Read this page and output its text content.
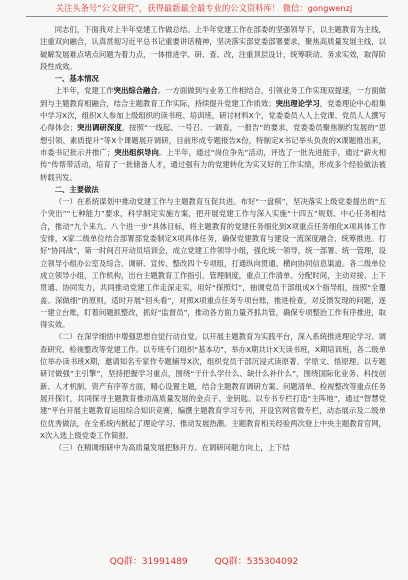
关注头条号“公文研究”，获得最新最全最专业的公文资料库！ 微信：gongwenzj

同志们，下面我对上半年党建工作做总结。上半年党建工作在部委的坚强领导下，以主题教育为主线，注重双向融合，认真贯彻习近平总书记重要讲话精神，坚决落实部党委部署要求，聚焦高质量发展主线，以破解发展难点堵点问题为着力点，一体推进学、研、查、改，注重顶层设计，统筹联动、务求实效，取得阶段性成效。

一、基本情况

上半年，党建工作突出综合融合。一方面做到与业务工作相结合，引领业务工作实现双提速，一方面做到与主题教育相融合，结合主题教育工作实际，持续提升党建工作质效；突出理论学习，党委理论中心组集中学习X次，组织X人参加上级组织的读书班、培训班，研讨材料X个，党委委员人人上党课、党员人人撰写心得体会；突出调研深度，按照“一线起、一号召、一调查，一报告”的要求，党委委员聚焦制约发展的“思想引领、素质提升”等X个课题展开调研，目前形成专题报告X份，特制定X书记举头负责的X课题推出来，市委书记批示并推广；突出组织导向。上半年，通过“岗位争先”活动，评选了一批先进能手，通过“薪火相传”传帮带活动，培育了一批储备人才，通过强有力的党建转化为实又好的工作实绩，形成多个经验做法被转载刊发。

二、主要做法

（一）在系统谋划中推动党建工作与主题教育互促共进。布好“一盘棋”，坚决落实上级党委提出的“五个突出”“七种能力”要求，科学制定实施方案，把开展党建工作与深入实施“十四五”规划、中心任务相结合，推动“九个来九、八个进一步”具体目标，将主题教育的党建任务细化到X项重点任务细化X项具体工作安排，X家二级单位结合部署部党委制定X项具体任务，确保党建教育与建设一流深度融合、统筹推进。打好“协同战”，第一时间召开动员培训会，成立党建工作领导小组，强化统一领导，统一部署、统一管理，设立领导小组办公室及综合、调研、宣传、整改四个专项组，打通纵向贯通、横向协同信息渠道。各二级单位成立领导小组，工作机构，出台主题教育工作指引、管理制度，重点工作清单、分配时间，主动对接、上下贯通、协同发力，共同推动党建工作走深走实，用好“探照灯”，抽调党员干部组成X个指导组，按照“全覆盖、深做细”的原则，适时开展“回头看”，对照X项重点任务专项台账，推进检查，对反馈发现的问题，逐一建立台账，盯着问题抓整改，抓好“监督员”，推动各方面力量齐抓共管，确保专项整治工作有序推进，取得实效。

（二）在深学细悟中增强思想自觉行动自觉。以开展主题教育为实践平台，深入系统推进理论学习、调查研究、检视整改等党建工作。以专班专门组织“基本功”，举办X期共计X天读书班，X期培训班，各二级单位举办读书班X期，邀请知名专家作专题辅导X次，组织党员干部沉浸式读原著、学原文、悟原理。以专题研讨做强“主引擎”，坚持把握学习重点，围绕“干什么学什么、缺什么补什么”，围绕国际化业务、科技创新、人才机制、资产有序等方面，精心设置主题，结合主题教育调研方案、问题清单、检视整改等重点任务展开探讨，共同探寻主题教育推动高质量发展的金点子、金钥匙。以专书专栏打造“主阵地”，通过“智慧党建”平台开展主题教育运用综合知识竞赛，编撰主题教育学习专刊，开设官网官微专栏，动态展示及二级单位优秀做法，在全系统内掀起了理论学习、推动发展热潮。主题教育相关经验两次登上中央主题教育官网，X次入选上级党委工作简报。

（三）在精调细研中为高质量发展把脉开方。在调研问题方向上，上下结

QQ群：31991489	QQ群：535304092
